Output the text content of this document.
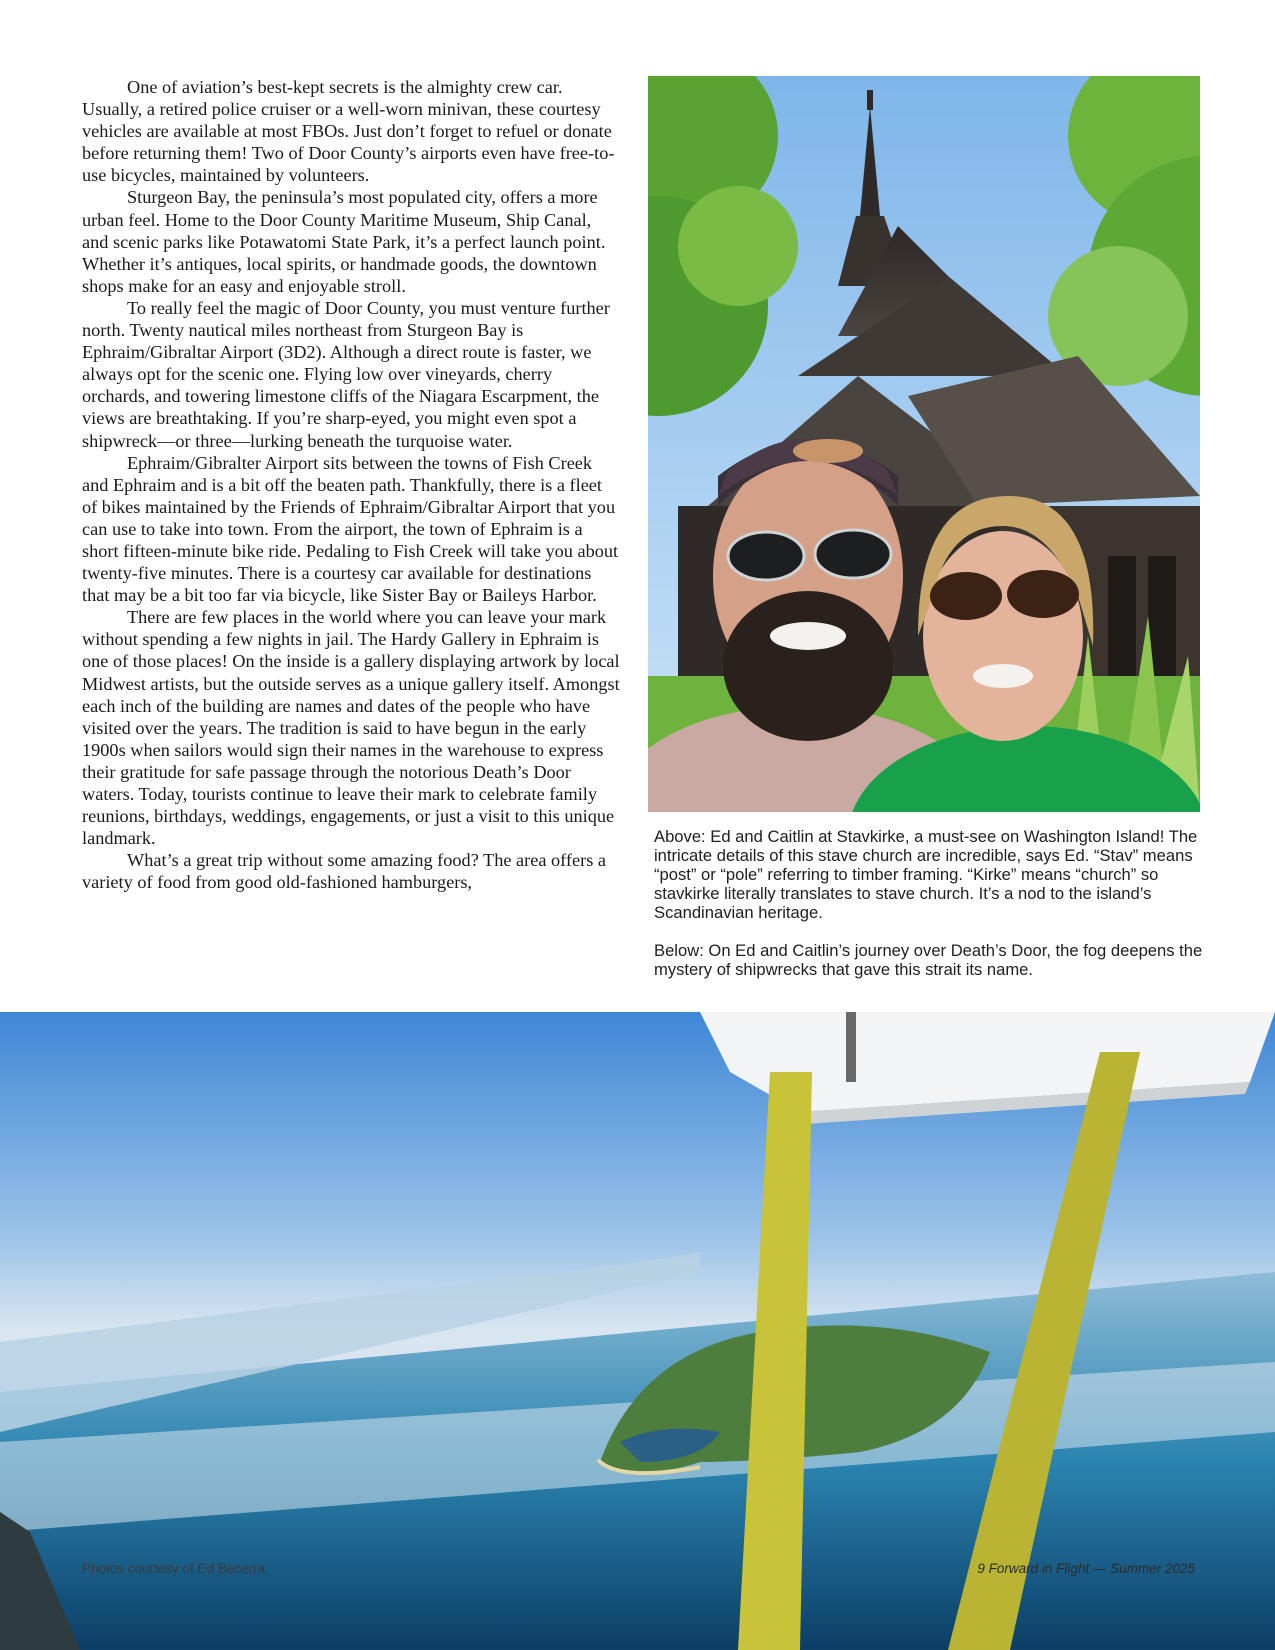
One of aviation’s best-kept secrets is the almighty crew car. Usually, a retired police cruiser or a well-worn minivan, these courtesy vehicles are available at most FBOs. Just don’t forget to refuel or donate before returning them! Two of Door County’s airports even have free-to-use bicycles, maintained by volunteers.

Sturgeon Bay, the peninsula’s most populated city, offers a more urban feel. Home to the Door County Maritime Museum, Ship Canal, and scenic parks like Potawatomi State Park, it’s a perfect launch point. Whether it’s antiques, local spirits, or handmade goods, the downtown shops make for an easy and enjoyable stroll.

To really feel the magic of Door County, you must venture further north. Twenty nautical miles northeast from Sturgeon Bay is Ephraim/Gibraltar Airport (3D2). Although a direct route is faster, we always opt for the scenic one. Flying low over vineyards, cherry orchards, and towering limestone cliffs of the Niagara Escarpment, the views are breathtaking. If you’re sharp-eyed, you might even spot a shipwreck—or three—lurking beneath the turquoise water.

Ephraim/Gibralter Airport sits between the towns of Fish Creek and Ephraim and is a bit off the beaten path. Thankfully, there is a fleet of bikes maintained by the Friends of Ephraim/Gibraltar Airport that you can use to take into town. From the airport, the town of Ephraim is a short fifteen-minute bike ride. Pedaling to Fish Creek will take you about twenty-five minutes. There is a courtesy car available for destinations that may be a bit too far via bicycle, like Sister Bay or Baileys Harbor.

There are few places in the world where you can leave your mark without spending a few nights in jail. The Hardy Gallery in Ephraim is one of those places! On the inside is a gallery displaying artwork by local Midwest artists, but the outside serves as a unique gallery itself. Amongst each inch of the building are names and dates of the people who have visited over the years. The tradition is said to have begun in the early 1900s when sailors would sign their names in the warehouse to express their gratitude for safe passage through the notorious Death’s Door waters. Today, tourists continue to leave their mark to celebrate family reunions, birthdays, weddings, engagements, or just a visit to this unique landmark.

What’s a great trip without some amazing food? The area offers a variety of food from good old-fashioned hamburgers,

Above: Ed and Caitlin at Stavkirke, a must-see on Washington Island! The intricate details of this stave church are incredible, says Ed. “Stav” means “post” or “pole” referring to timber framing. “Kirke” means “church” so stavkirke literally translates to stave church. It’s a nod to the island’s Scandinavian heritage.

Below: On Ed and Caitlin’s journey over Death’s Door, the fog deepens the mystery of shipwrecks that gave this strait its name.

Photos courtesy of Ed Becerra	9 Forward in Flight — Summer 2025
